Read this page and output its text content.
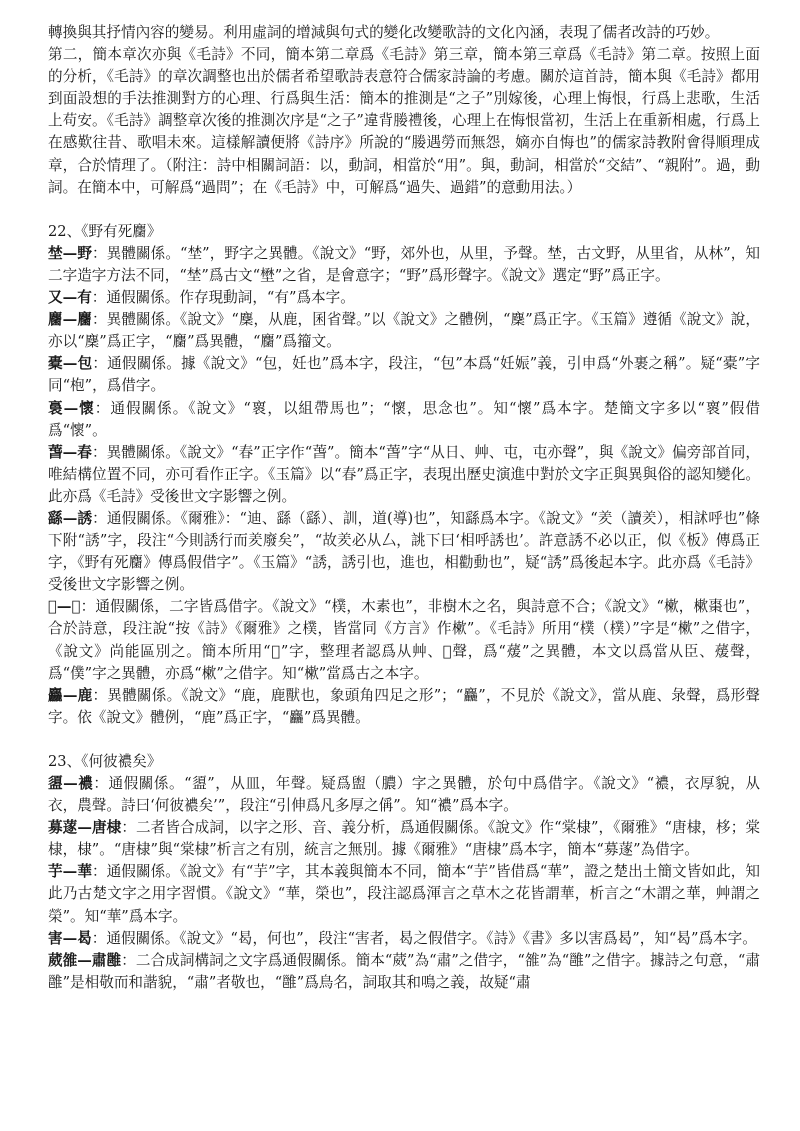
轉換與其抒情內容的變易。利用虛詞的增減與句式的變化改變歌詩的文化內涵，表現了儒者改詩的巧妙。

第二，簡本章次亦與《毛詩》不同，簡本第二章爲《毛詩》第三章，簡本第三章爲《毛詩》第二章。按照上面的分析，《毛詩》的章次調整也出於儒者希望歌詩表意符合儒家詩論的考慮。關於這首詩，簡本與《毛詩》都用到面設想的手法推測對方的心理、行爲與生活：簡本的推測是“之子”別嫁後，心理上悔恨，行爲上悲歌，生活上苟安。《毛詩》調整章次後的推測次序是“之子”違背媵禮後，心理上在悔恨當初，生活上在重新相處，行爲上在感歎往昔、歌唱未來。這樣解讀便將《詩序》所說的“媵遇勞而無怨，嫡亦自悔也”的儒家詩教附會得順理成章，合於情理了。（附注：詩中相關詞語：以，動詞，相當於“用”。與，動詞，相當於“交結”、“親附”。過，動詞。在簡本中，可解爲“過問”；在《毛詩》中，可解爲“過失、過錯”的意動用法。）

22、《野有死麕》

埜—野：異體關係。“埜”，野字之異體。《說文》“野，郊外也，从里，予聲。埜，古文野，从里省，从林”，知二字造字方法不同，“埜”爲古文“壄”之省，是會意字；“野”爲形聲字。《說文》選定“野”爲正字。

又—有：通假關係。作存現動詞，“有”爲本字。

麕—麕：異體關係。《說文》“麇，从鹿，囷省聲。”以《說文》之體例，“麇”爲正字。《玉篇》遵循《說文》說，亦以“麇”爲正字，“麕”爲異體，“麕”爲籀文。

橐—包：通假關係。據《說文》“包，妊也”爲本字，段注，“包”本爲“妊娠”義，引申爲“外裹之稱”。疑“橐”字同“枹”，爲借字。

裛—懷：通假關係。《說文》“褱，以組帶馬也”；“懷，思念也”。知“懷”爲本字。楚簡文字多以“褱”假借爲“懷”。

萅—春：異體關係。《說文》“春”正字作“萅”。簡本“萅”字“从日、艸、屯，屯亦聲”，與《說文》偏旁部首同，唯結構位置不同，亦可看作正字。《玉篇》以“春”爲正字，表現出歷史演進中對於文字正與異與俗的認知變化。此亦爲《毛詩》受後世文字影響之例。

繇—誘：通假關係。《爾雅》：“迪、繇（繇）、訓，道(導)也”，知繇爲本字。《說文》“羑（讀羑），相訹呼也”條下附“誘”字，段注“今則誘行而羑廢矣”，“故羑必从厶，誂下曰‘相呼誘也’。許意誘不必以正，似《板》傳爲正字，《野有死麕》傳爲假借字”。《玉篇》“誘，誘引也，進也，相勸動也”，疑“誘”爲後起本字。此亦爲《毛詩》受後世文字影響之例。

𣟭—樸：通假關係，二字皆爲借字。《說文》“樸，木素也”，非樹木之名，與詩意不合；《說文》“樕，樕棗也”，合於詩意，段注說“按《詩》《爾雅》之樸，皆當同《方言》作樕”。《毛詩》所用“樸（樸）”字是“樕”之借字，《說文》尚能區別之。簡本所用“𣟭”字，整理者認爲从艸、𡩟聲，爲“蕿”之異體，本文以爲當从臣、蕿聲，爲“僕”字之異體，亦爲“樕”之借字。知“樕”當爲古之本字。

麤—鹿：異體關係。《說文》“鹿，鹿獸也，象頭角四足之形”；“麤”，不見於《說文》，當从鹿、彔聲，爲形聲字。依《說文》體例，“鹿”爲正字，“麤”爲異體。

23、《何彼襛矣》

盨—襛：通假關係。“盨”，从皿，年聲。疑爲盥（膿）字之異體，於句中爲借字。《說文》“襛，衣厚貌，从衣，農聲。詩曰‘何彼襛矣’”，段注“引伸爲凡多厚之偁”。知“襛”爲本字。

募蓫—唐棣：二者皆合成詞，以字之形、音、義分析，爲通假關係。《說文》作“棠棣”，《爾雅》“唐棣，栘；棠棣，棣”。“唐棣”與“棠棣”析言之有別，統言之無別。據《爾雅》“唐棣”爲本字，簡本“募蓫”為借字。

芋—華：通假關係。《說文》有“芋”字，其本義與簡本不同，簡本“芋”皆借爲“華”，證之楚出土簡文皆如此，知此乃古楚文字之用字習慣。《說文》“華，榮也”，段注認爲渾言之草木之花皆謂華，析言之“木謂之華，艸謂之榮”。知“華”爲本字。

害—曷：通假關係。《說文》“曷，何也”，段注“害者，曷之假借字。《詩》《書》多以害爲曷”，知“曷”爲本字。

葳雒—肅雝：二合成詞構詞之文字爲通假關係。簡本“葳”為“肅”之借字，“雒”為“雝”之借字。據詩之句意，“肅雝”是相敬而和諧貌，“肅”者敬也，“雝”爲鳥名，詞取其和鳴之義，故疑“肅
